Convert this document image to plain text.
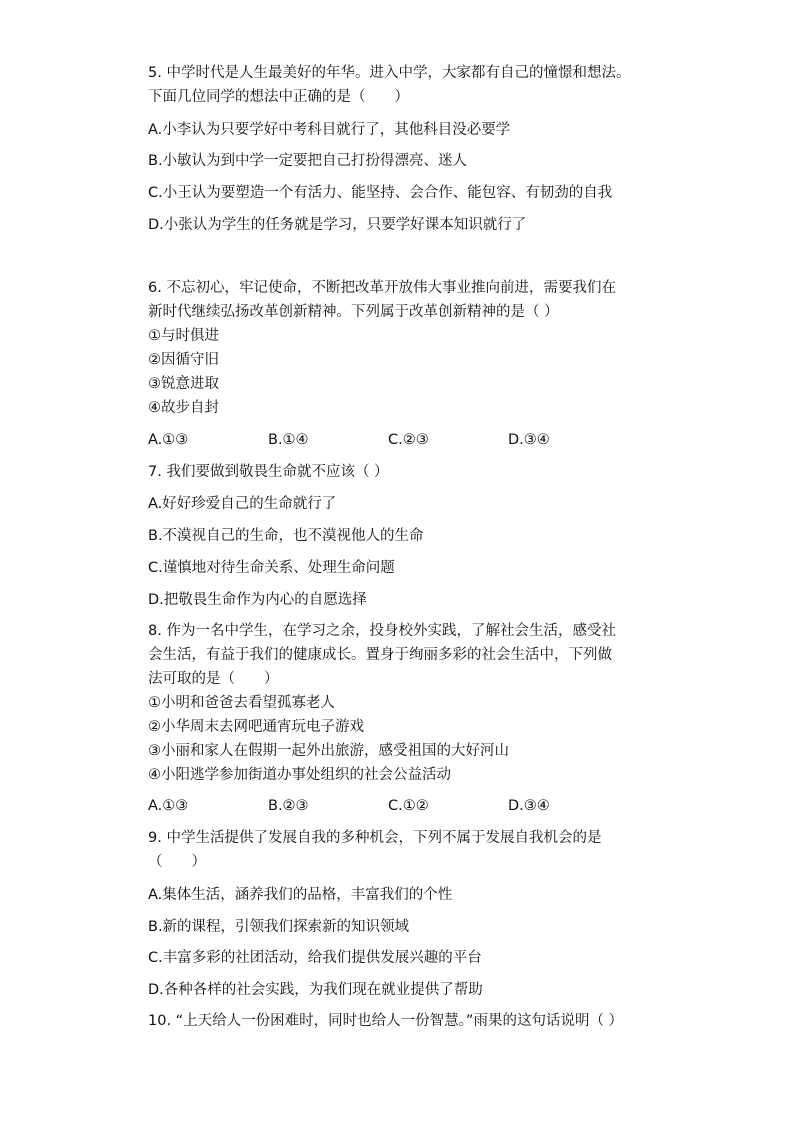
5. 中学时代是人生最美好的年华。进入中学，大家都有自己的憧憬和想法。
下面几位同学的想法中正确的是（　　）
A.小李认为只要学好中考科目就行了，其他科目没必要学
B.小敏认为到中学一定要把自己打扮得漂亮、迷人
C.小王认为要塑造一个有活力、能坚持、会合作、能包容、有韧劲的自我
D.小张认为学生的任务就是学习，只要学好课本知识就行了
6. 不忘初心，牢记使命，不断把改革开放伟大事业推向前进，需要我们在
新时代继续弘扬改革创新精神。下列属于改革创新精神的是（ ）
①与时俱进
②因循守旧
③锐意进取
④故步自封
A.①③	B.①④	C.②③	D.③④
7. 我们要做到敬畏生命就不应该（ ）
A.好好珍爱自己的生命就行了
B.不漠视自己的生命，也不漠视他人的生命
C.谨慎地对待生命关系、处理生命问题
D.把敬畏生命作为内心的自愿选择
8. 作为一名中学生，在学习之余，投身校外实践，了解社会生活，感受社
会生活，有益于我们的健康成长。置身于绚丽多彩的社会生活中，下列做
法可取的是（　　）
①小明和爸爸去看望孤寡老人
②小华周末去网吧通宵玩电子游戏
③小丽和家人在假期一起外出旅游，感受祖国的大好河山
④小阳逃学参加街道办事处组织的社会公益活动
A.①③	B.②③	C.①②	D.③④
9. 中学生活提供了发展自我的多种机会，下列不属于发展自我机会的是
（　　）
A.集体生活，涵养我们的品格，丰富我们的个性
B.新的课程，引领我们探索新的知识领域
C.丰富多彩的社团活动，给我们提供发展兴趣的平台
D.各种各样的社会实践，为我们现在就业提供了帮助
10. “上天给人一份困难时，同时也给人一份智慧。”雨果的这句话说明（ ）
